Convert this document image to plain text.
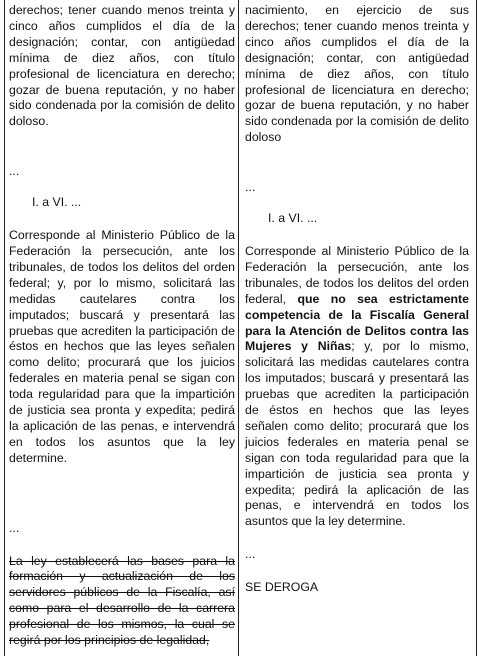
derechos; tener cuando menos treinta y cinco años cumplidos el día de la designación; contar, con antigüedad mínima de diez años, con título profesional de licenciatura en derecho; gozar de buena reputación, y no haber sido condenada por la comisión de delito doloso.

...

I. a VI. ...

Corresponde al Ministerio Público de la Federación la persecución, ante los tribunales, de todos los delitos del orden federal; y, por lo mismo, solicitará las medidas cautelares contra los imputados; buscará y presentará las pruebas que acrediten la participación de éstos en hechos que las leyes señalen como delito; procurará que los juicios federales en materia penal se sigan con toda regularidad para que la impartición de justicia sea pronta y expedita; pedirá la aplicación de las penas, e intervendrá en todos los asuntos que la ley determine.

...

La ley establecerá las bases para la formación y actualización de los servidores públicos de la Fiscalía, así como para el desarrollo de la carrera profesional de los mismos, la cual se regirá por los principios de legalidad,

nacimiento, en ejercicio de sus derechos; tener cuando menos treinta y cinco años cumplidos el día de la designación; contar, con antigüedad mínima de diez años, con título profesional de licenciatura en derecho; gozar de buena reputación, y no haber sido condenada por la comisión de delito doloso

...

I. a VI. ...

Corresponde al Ministerio Público de la Federación la persecución, ante los tribunales, de todos los delitos del orden federal, que no sea estrictamente competencia de la Fiscalía General para la Atención de Delitos contra las Mujeres y Niñas; y, por lo mismo, solicitará las medidas cautelares contra los imputados; buscará y presentará las pruebas que acrediten la participación de éstos en hechos que las leyes señalen como delito; procurará que los juicios federales en materia penal se sigan con toda regularidad para que la impartición de justicia sea pronta y expedita; pedirá la aplicación de las penas, e intervendrá en todos los asuntos que la ley determine.

...

SE DEROGA
